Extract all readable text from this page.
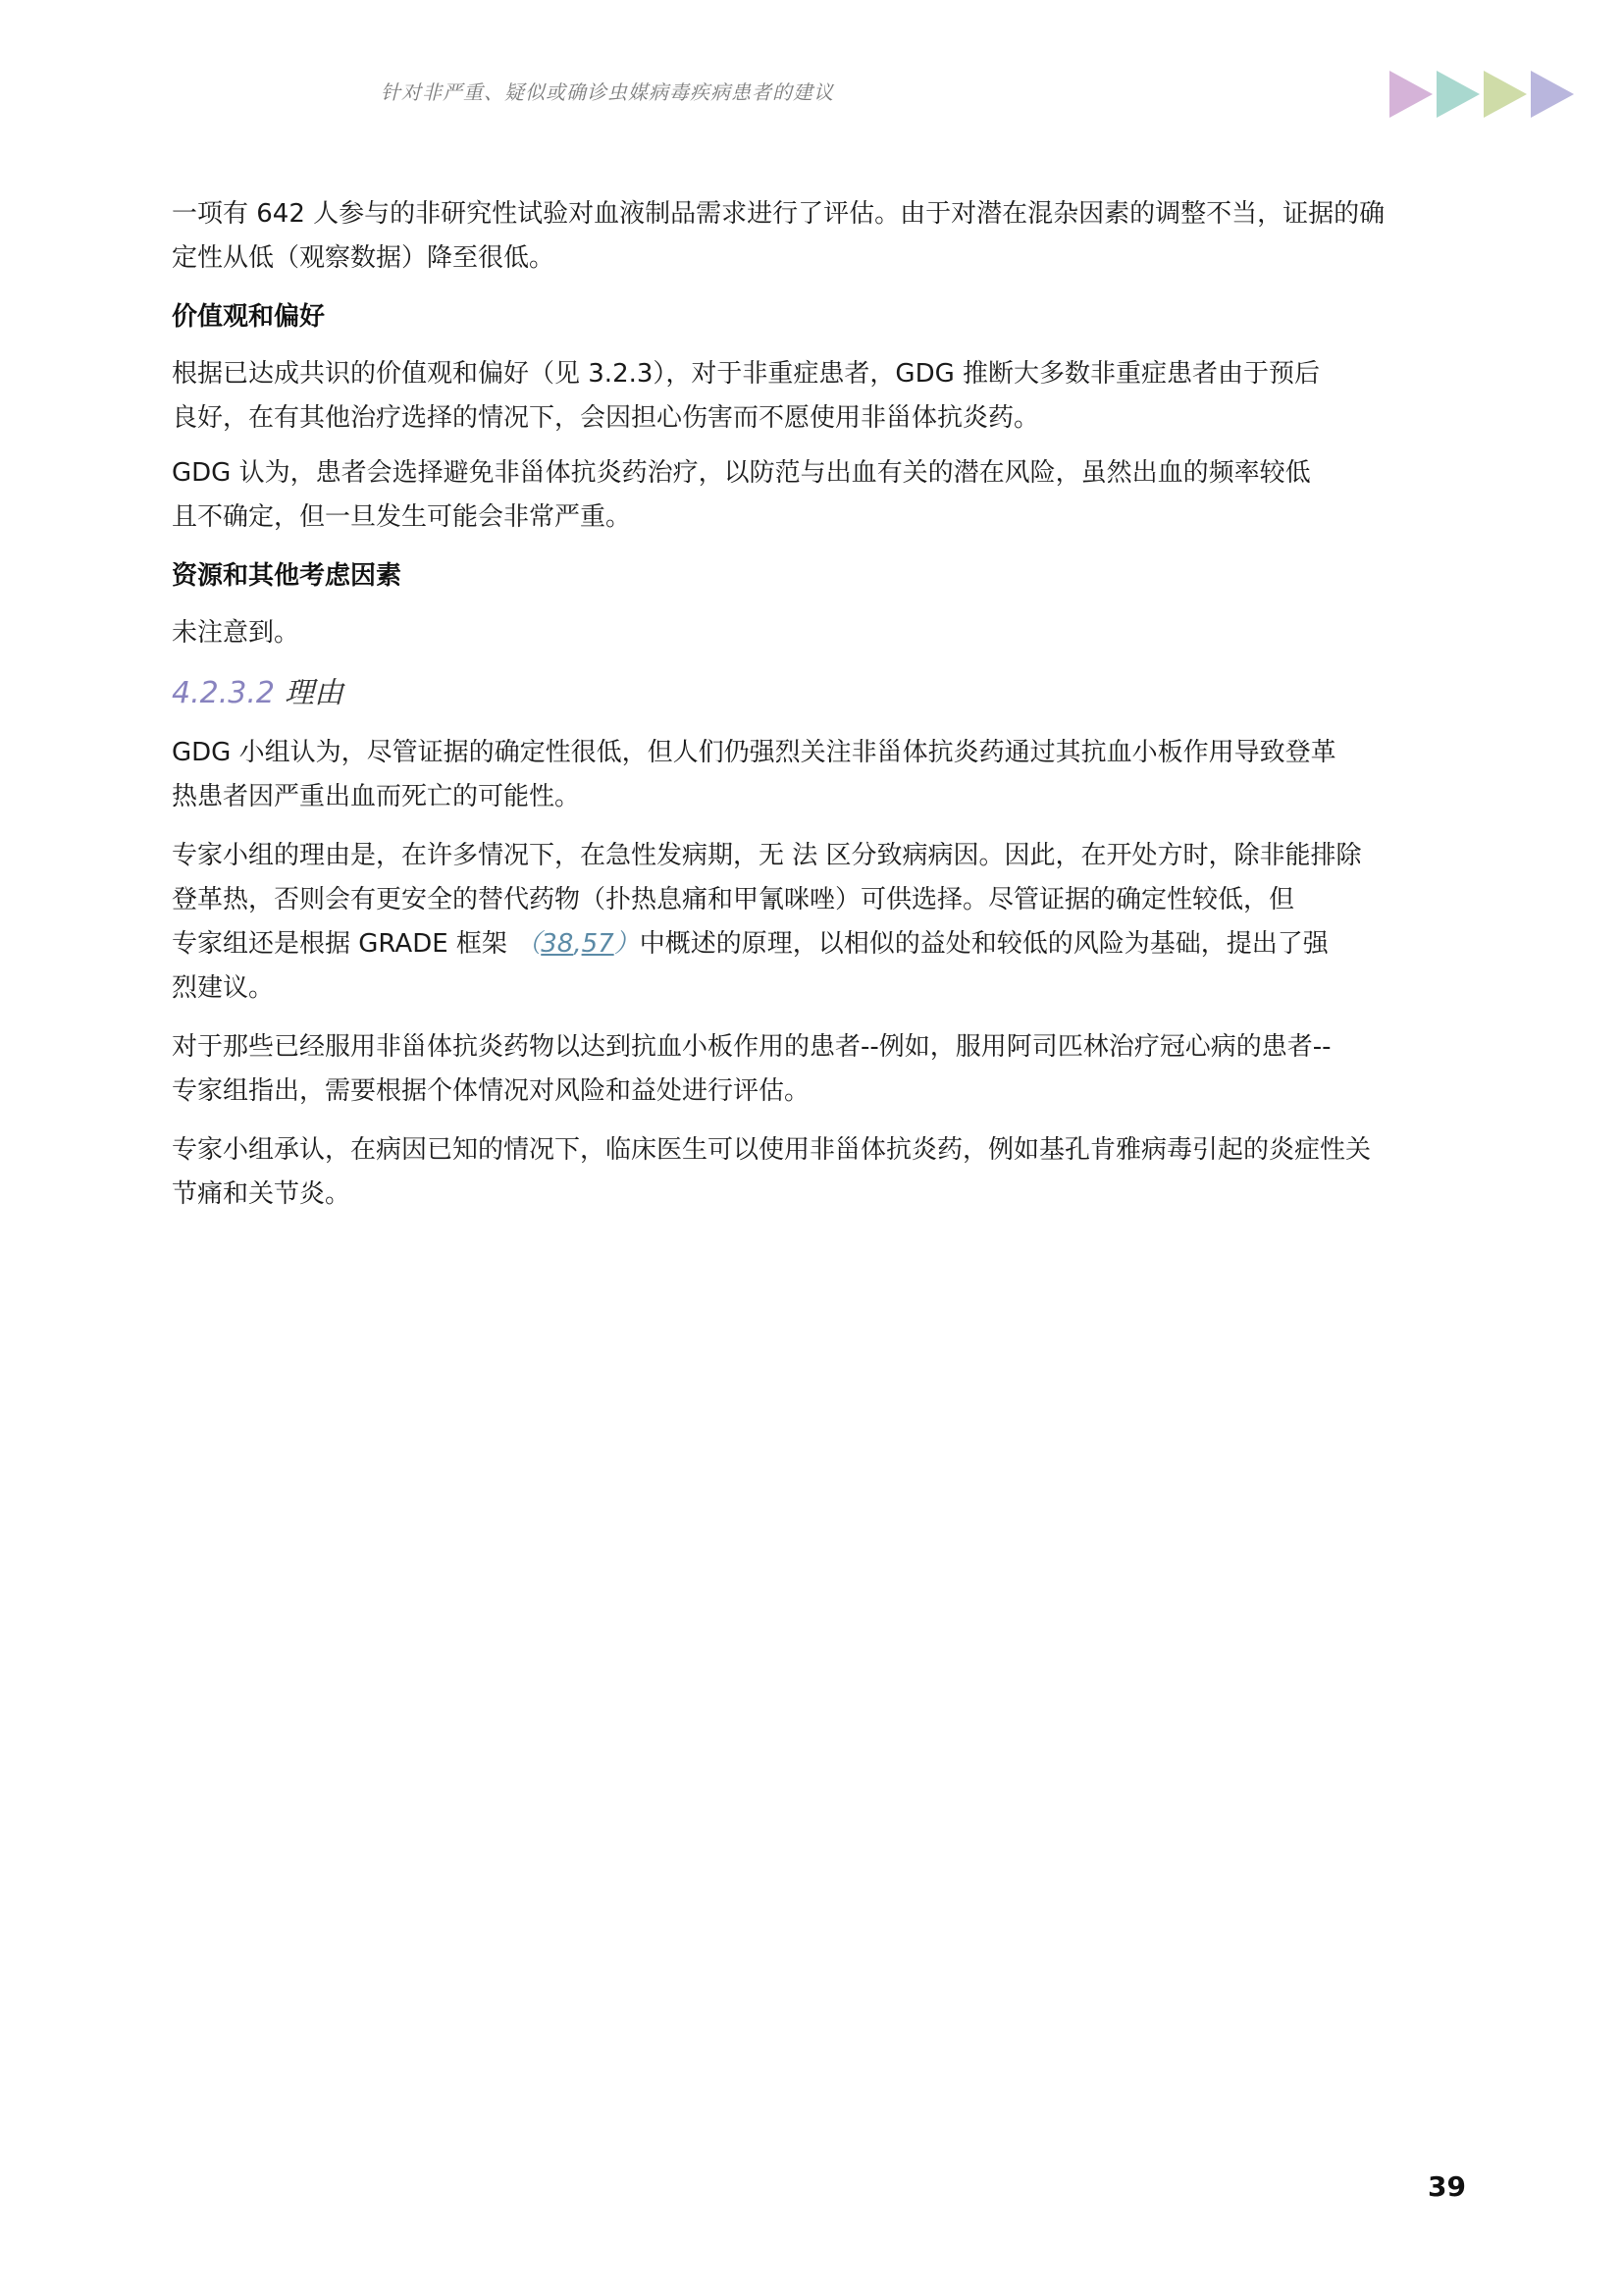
针对非严重、疑似或确诊虫媒病毒疾病患者的建议
一项有 642 人参与的非研究性试验对血液制品需求进行了评估。由于对潜在混杂因素的调整不当，证据的确
定性从低（观察数据）降至很低。
价值观和偏好
根据已达成共识的价值观和偏好（见 3.2.3），对于非重症患者，GDG 推断大多数非重症患者由于预后
良好，在有其他治疗选择的情况下，会因担心伤害而不愿使用非甾体抗炎药。
GDG 认为，患者会选择避免非甾体抗炎药治疗，以防范与出血有关的潜在风险，虽然出血的频率较低
且不确定，但一旦发生可能会非常严重。
资源和其他考虑因素
未注意到。
4.2.3.2 理由
GDG 小组认为，尽管证据的确定性很低，但人们仍强烈关注非甾体抗炎药通过其抗血小板作用导致登革
热患者因严重出血而死亡的可能性。
专家小组的理由是，在许多情况下，在急性发病期，无 法 区分致病病因。因此，在开处方时，除非能排除
登革热，否则会有更安全的替代药物（扑热息痛和甲氰咪唑）可供选择。尽管证据的确定性较低，但
专家组还是根据 GRADE 框架 （38,57）中概述的原理，以相似的益处和较低的风险为基础，提出了强
烈建议。
对于那些已经服用非甾体抗炎药物以达到抗血小板作用的患者--例如，服用阿司匹林治疗冠心病的患者--
专家组指出，需要根据个体情况对风险和益处进行评估。
专家小组承认，在病因已知的情况下，临床医生可以使用非甾体抗炎药，例如基孔肯雅病毒引起的炎症性关
节痛和关节炎。
39
